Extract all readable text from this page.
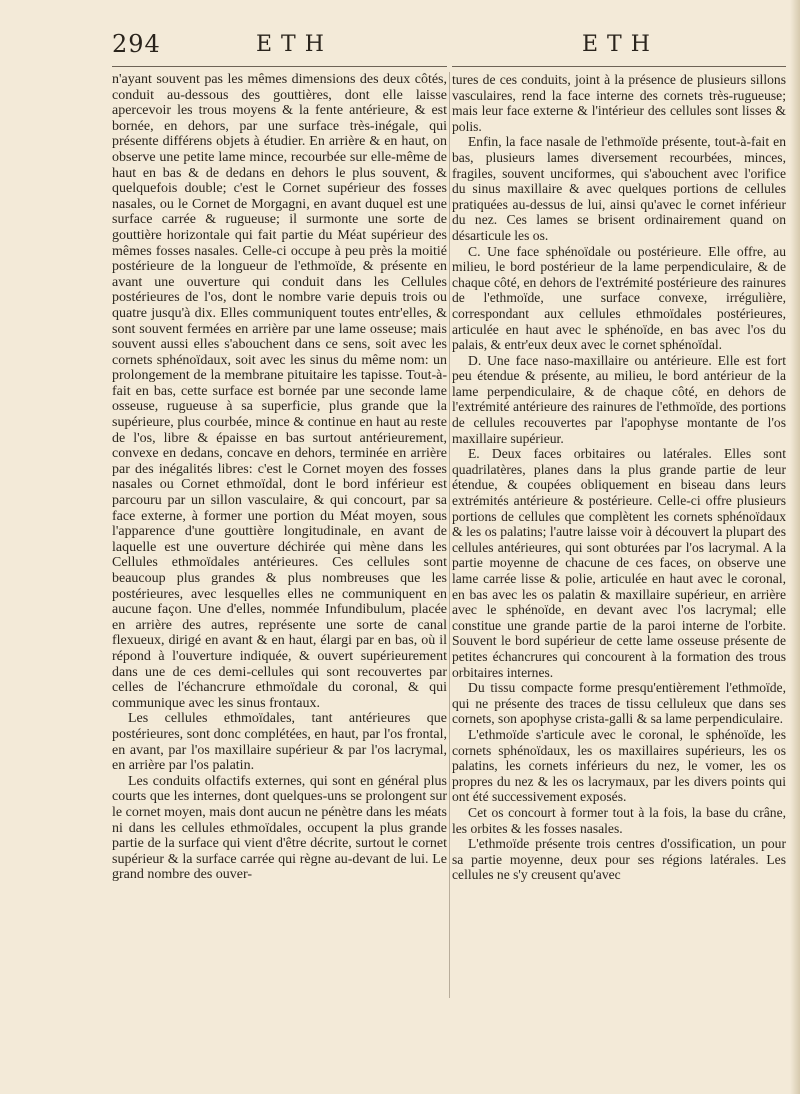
294	ETH	ETH

n'ayant souvent pas les mêmes dimensions des deux côtés, conduit au-dessous des gouttières, dont elle laisse apercevoir les trous moyens & la fente antérieure, & est bornée, en dehors, par une surface très-inégale, qui présente différens objets à étudier. En arrière & en haut, on observe une petite lame mince, recourbée sur elle-même de haut en bas & de dedans en dehors le plus souvent, & quelquefois double; c'est le Cornet supérieur des fosses nasales, ou le Cornet de Morgagni, en avant duquel est une surface carrée & rugueuse; il surmonte une sorte de gouttière horizontale qui fait partie du Méat supérieur des mêmes fosses nasales. Celle-ci occupe à peu près la moitié postérieure de la longueur de l'ethmoïde, & présente en avant une ouverture qui conduit dans les Cellules postérieures de l'os, dont le nombre varie depuis trois ou quatre jusqu'à dix. Elles communiquent toutes entr'elles, & sont souvent fermées en arrière par une lame osseuse; mais souvent aussi elles s'abouchent dans ce sens, soit avec les cornets sphénoïdaux, soit avec les sinus du même nom: un prolongement de la membrane pituitaire les tapisse. Tout-à-fait en bas, cette surface est bornée par une seconde lame osseuse, rugueuse à sa superficie, plus grande que la supérieure, plus courbée, mince & continue en haut au reste de l'os, libre & épaisse en bas surtout antérieurement, convexe en dedans, concave en dehors, terminée en arrière par des inégalités libres: c'est le Cornet moyen des fosses nasales ou Cornet ethmoïdal, dont le bord inférieur est parcouru par un sillon vasculaire, & qui concourt, par sa face externe, à former une portion du Méat moyen, sous l'apparence d'une gouttière longitudinale, en avant de laquelle est une ouverture déchirée qui mène dans les Cellules ethmoïdales antérieures. Ces cellules sont beaucoup plus grandes & plus nombreuses que les postérieures, avec lesquelles elles ne communiquent en aucune façon. Une d'elles, nommée Infundibulum, placée en arrière des autres, représente une sorte de canal flexueux, dirigé en avant & en haut, élargi par en bas, où il répond à l'ouverture indiquée, & ouvert supérieurement dans une de ces demi-cellules qui sont recouvertes par celles de l'échancrure ethmoïdale du coronal, & qui communique avec les sinus frontaux.

Les cellules ethmoïdales, tant antérieures que postérieures, sont donc complétées, en haut, par l'os frontal, en avant, par l'os maxillaire supérieur & par l'os lacrymal, en arrière par l'os palatin.

Les conduits olfactifs externes, qui sont en général plus courts que les internes, dont quelques-uns se prolongent sur le cornet moyen, mais dont aucun ne pénètre dans les méats ni dans les cellules ethmoïdales, occupent la plus grande partie de la surface qui vient d'être décrite, surtout le cornet supérieur & la surface carrée qui règne au-devant de lui. Le grand nombre des ouver-

tures de ces conduits, joint à la présence de plusieurs sillons vasculaires, rend la face interne des cornets très-rugueuse; mais leur face externe & l'intérieur des cellules sont lisses & polis.

Enfin, la face nasale de l'ethmoïde présente, tout-à-fait en bas, plusieurs lames diversement recourbées, minces, fragiles, souvent unciformes, qui s'abouchent avec l'orifice du sinus maxillaire & avec quelques portions de cellules pratiquées au-dessus de lui, ainsi qu'avec le cornet inférieur du nez. Ces lames se brisent ordinairement quand on désarticule les os.

C. Une face sphénoïdale ou postérieure. Elle offre, au milieu, le bord postérieur de la lame perpendiculaire, & de chaque côté, en dehors de l'extrémité postérieure des rainures de l'ethmoïde, une surface convexe, irrégulière, correspondant aux cellules ethmoïdales postérieures, articulée en haut avec le sphénoïde, en bas avec l'os du palais, & entr'eux deux avec le cornet sphénoïdal.

D. Une face naso-maxillaire ou antérieure. Elle est fort peu étendue & présente, au milieu, le bord antérieur de la lame perpendiculaire, & de chaque côté, en dehors de l'extrémité antérieure des rainures de l'ethmoïde, des portions de cellules recouvertes par l'apophyse montante de l'os maxillaire supérieur.

E. Deux faces orbitaires ou latérales. Elles sont quadrilatères, planes dans la plus grande partie de leur étendue, & coupées obliquement en biseau dans leurs extrémités antérieure & postérieure. Celle-ci offre plusieurs portions de cellules que complètent les cornets sphénoïdaux & les os palatins; l'autre laisse voir à découvert la plupart des cellules antérieures, qui sont obturées par l'os lacrymal. A la partie moyenne de chacune de ces faces, on observe une lame carrée lisse & polie, articulée en haut avec le coronal, en bas avec les os palatin & maxillaire supérieur, en arrière avec le sphénoïde, en devant avec l'os lacrymal; elle constitue une grande partie de la paroi interne de l'orbite. Souvent le bord supérieur de cette lame osseuse présente de petites échancrures qui concourent à la formation des trous orbitaires internes.

Du tissu compacte forme presqu'entièrement l'ethmoïde, qui ne présente des traces de tissu celluleux que dans ses cornets, son apophyse crista-galli & sa lame perpendiculaire.

L'ethmoïde s'articule avec le coronal, le sphénoïde, les cornets sphénoïdaux, les os maxillaires supérieurs, les os palatins, les cornets inférieurs du nez, le vomer, les os propres du nez & les os lacrymaux, par les divers points qui ont été successivement exposés.

Cet os concourt à former tout à la fois, la base du crâne, les orbites & les fosses nasales.

L'ethmoïde présente trois centres d'ossification, un pour sa partie moyenne, deux pour ses régions latérales. Les cellules ne s'y creusent qu'avec
